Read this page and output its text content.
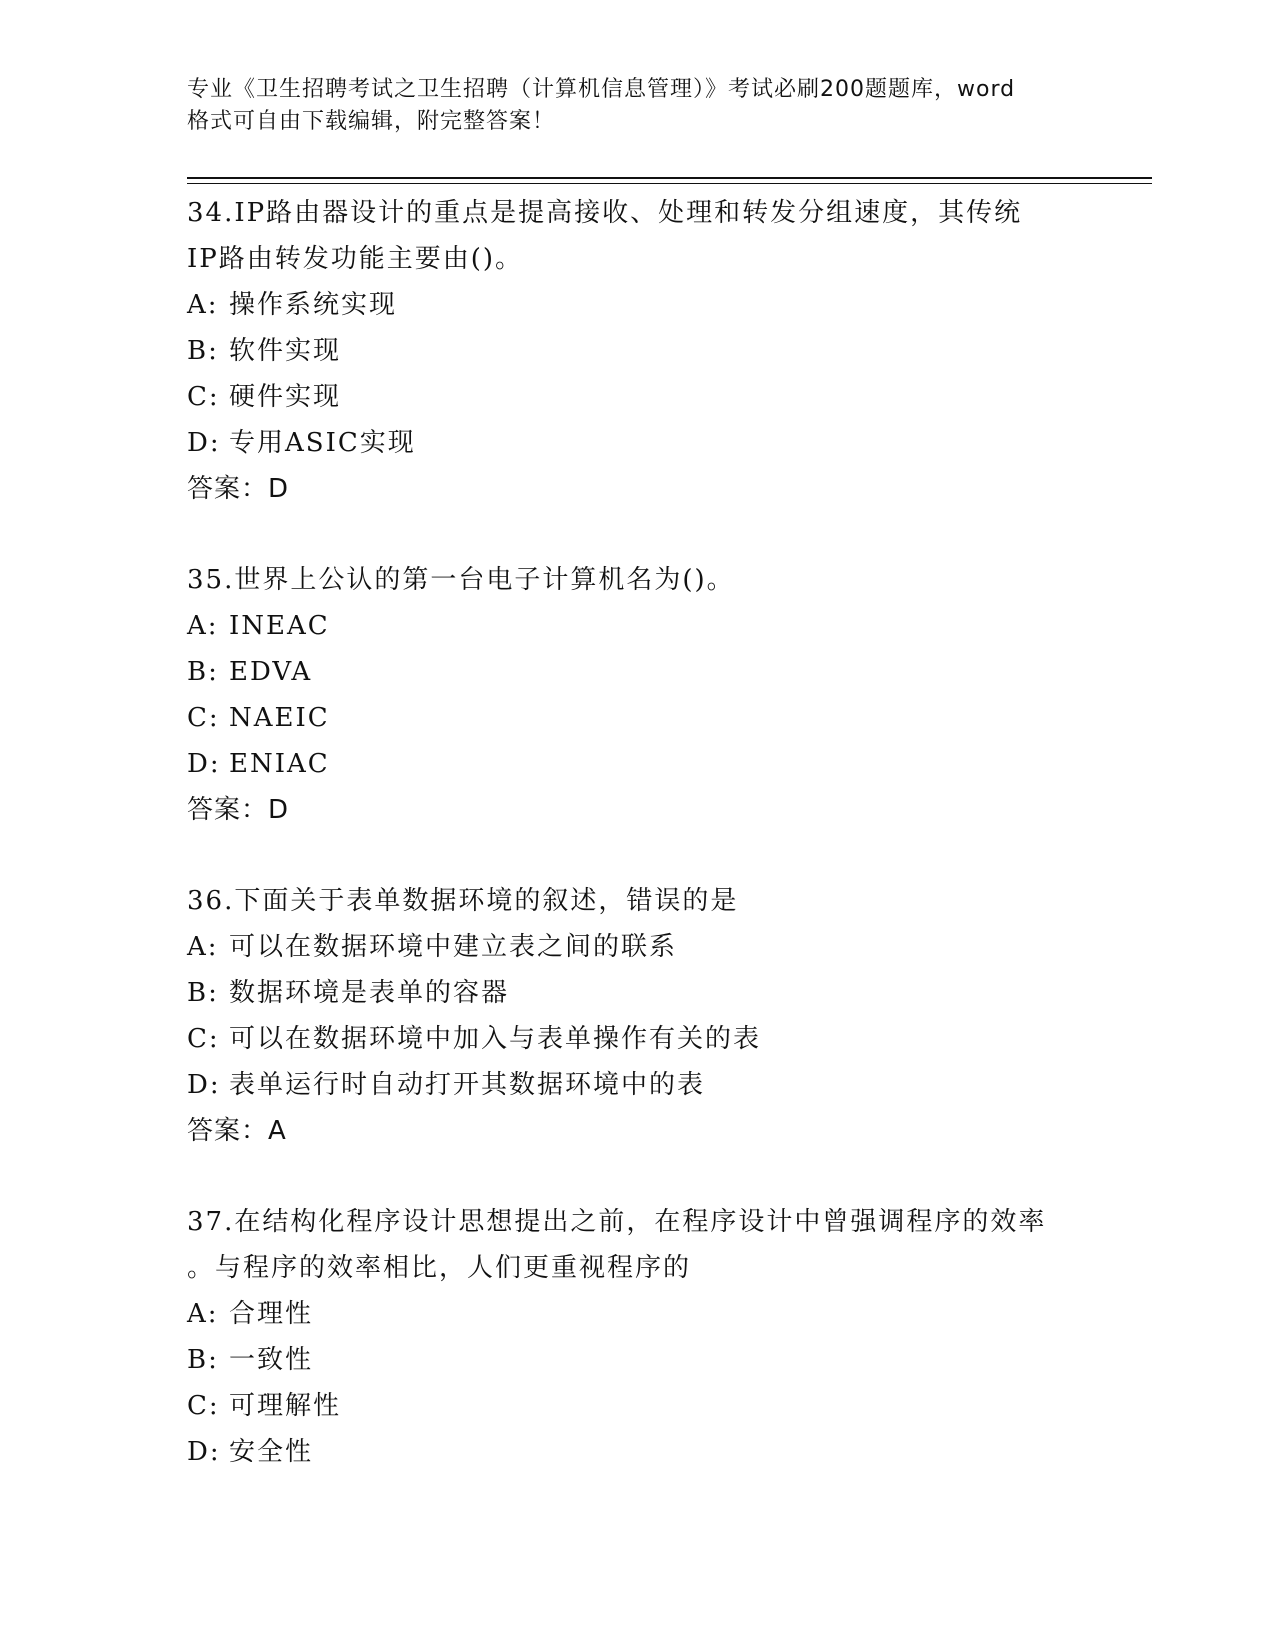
专业《卫生招聘考试之卫生招聘（计算机信息管理）》考试必刷200题题库，word
格式可自由下载编辑，附完整答案！
34.IP路由器设计的重点是提高接收、处理和转发分组速度，其传统
IP路由转发功能主要由()。
A: 操作系统实现
B: 软件实现
C: 硬件实现
D: 专用ASIC实现
答案：D
35.世界上公认的第一台电子计算机名为()。
A: INEAC
B: EDVA
C: NAEIC
D: ENIAC
答案：D
36.下面关于表单数据环境的叙述，错误的是
A: 可以在数据环境中建立表之间的联系
B: 数据环境是表单的容器
C: 可以在数据环境中加入与表单操作有关的表
D: 表单运行时自动打开其数据环境中的表
答案：A
37.在结构化程序设计思想提出之前，在程序设计中曾强调程序的效率
。与程序的效率相比，人们更重视程序的
A: 合理性
B: 一致性
C: 可理解性
D: 安全性
